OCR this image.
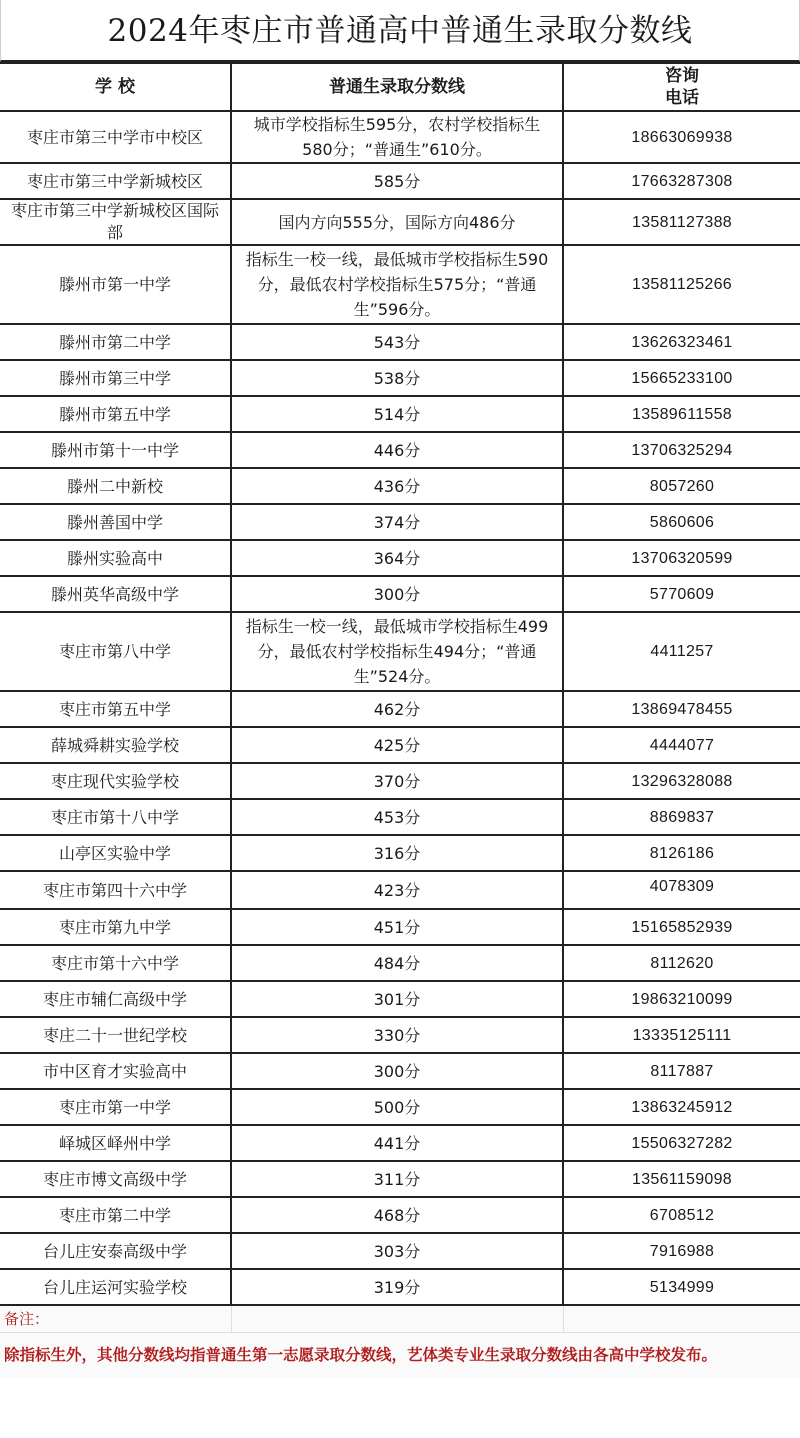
2024年枣庄市普通高中普通生录取分数线
学 校	普通生录取分数线	咨询
电话

枣庄市第三中学市中校区	城市学校指标生595分，农村学校指标生580分；“普通生”610分。	18663069938
枣庄市第三中学新城校区	585分	17663287308
枣庄市第三中学新城校区国际部	国内方向555分，国际方向486分	13581127388
滕州市第一中学	指标生一校一线，最低城市学校指标生590分，最低农村学校指标生575分；“普通生”596分。	13581125266
滕州市第二中学	543分	13626323461
滕州市第三中学	538分	15665233100
滕州市第五中学	514分	13589611558
滕州市第十一中学	446分	13706325294
滕州二中新校	436分	8057260
滕州善国中学	374分	5860606
滕州实验高中	364分	13706320599
滕州英华高级中学	300分	5770609
枣庄市第八中学	指标生一校一线，最低城市学校指标生499分，最低农村学校指标生494分；“普通生”524分。	4411257
枣庄市第五中学	462分	13869478455
薛城舜耕实验学校	425分	4444077
枣庄现代实验学校	370分	13296328088
枣庄市第十八中学	453分	8869837
山亭区实验中学	316分	8126186
枣庄市第四十六中学	423分	4078309
枣庄市第九中学	451分	15165852939
枣庄市第十六中学	484分	8112620
枣庄市辅仁高级中学	301分	19863210099
枣庄二十一世纪学校	330分	13335125111
市中区育才实验高中	300分	8117887
枣庄市第一中学	500分	13863245912
峄城区峄州中学	441分	15506327282
枣庄市博文高级中学	311分	13561159098
枣庄市第二中学	468分	6708512
台儿庄安泰高级中学	303分	7916988
台儿庄运河实验学校	319分	5134999
备注：		
除指标生外，其他分数线均指普通生第一志愿录取分数线，艺体类专业生录取分数线由各高中学校发布。
